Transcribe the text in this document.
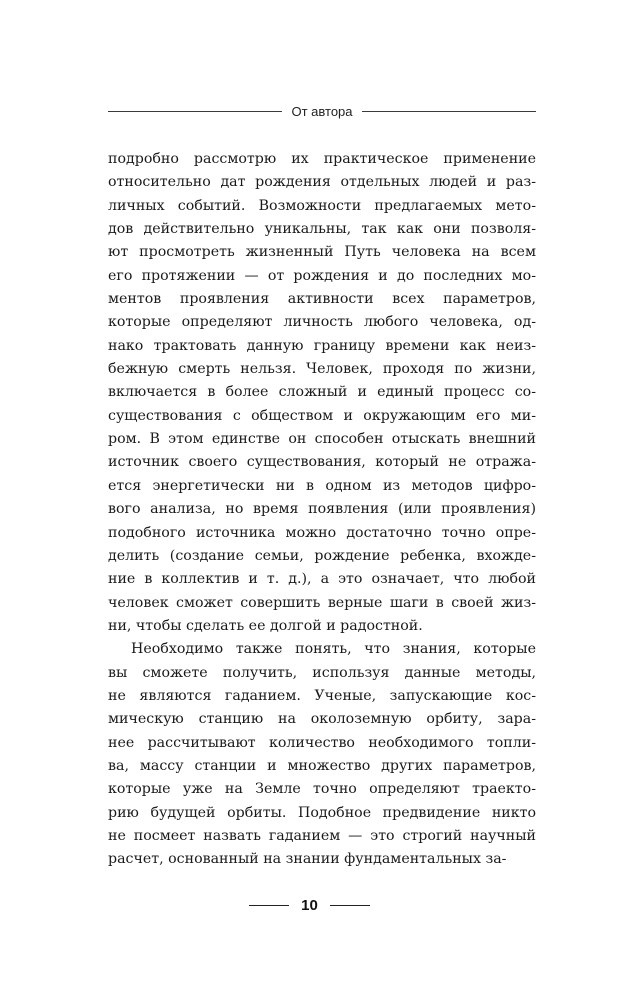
От автора

подробно рассмотрю их практическое применение
относительно дат рождения отдельных людей и раз-
личных событий. Возможности предлагаемых мето-
дов действительно уникальны, так как они позволя-
ют просмотреть жизненный Путь человека на всем
его протяжении — от рождения и до последних мо-
ментов проявления активности всех параметров,
которые определяют личность любого человека, од-
нако трактовать данную границу времени как неиз-
бежную смерть нельзя. Человек, проходя по жизни,
включается в более сложный и единый процесс со-
существования с обществом и окружающим его ми-
ром. В этом единстве он способен отыскать внешний
источник своего существования, который не отража-
ется энергетически ни в одном из методов цифро-
вого анализа, но время появления (или проявления)
подобного источника можно достаточно точно опре-
делить (создание семьи, рождение ребенка, вхожде-
ние в коллектив и т. д.), а это означает, что любой
человек сможет совершить верные шаги в своей жиз-
ни, чтобы сделать ее долгой и радостной.

Необходимо также понять, что знания, которые
вы сможете получить, используя данные методы,
не являются гаданием. Ученые, запускающие кос-
мическую станцию на околоземную орбиту, зара-
нее рассчитывают количество необходимого топли-
ва, массу станции и множество других параметров,
которые уже на Земле точно определяют траекто-
рию будущей орбиты. Подобное предвидение никто
не посмеет назвать гаданием — это строгий научный
расчет, основанный на знании фундаментальных за-

10
